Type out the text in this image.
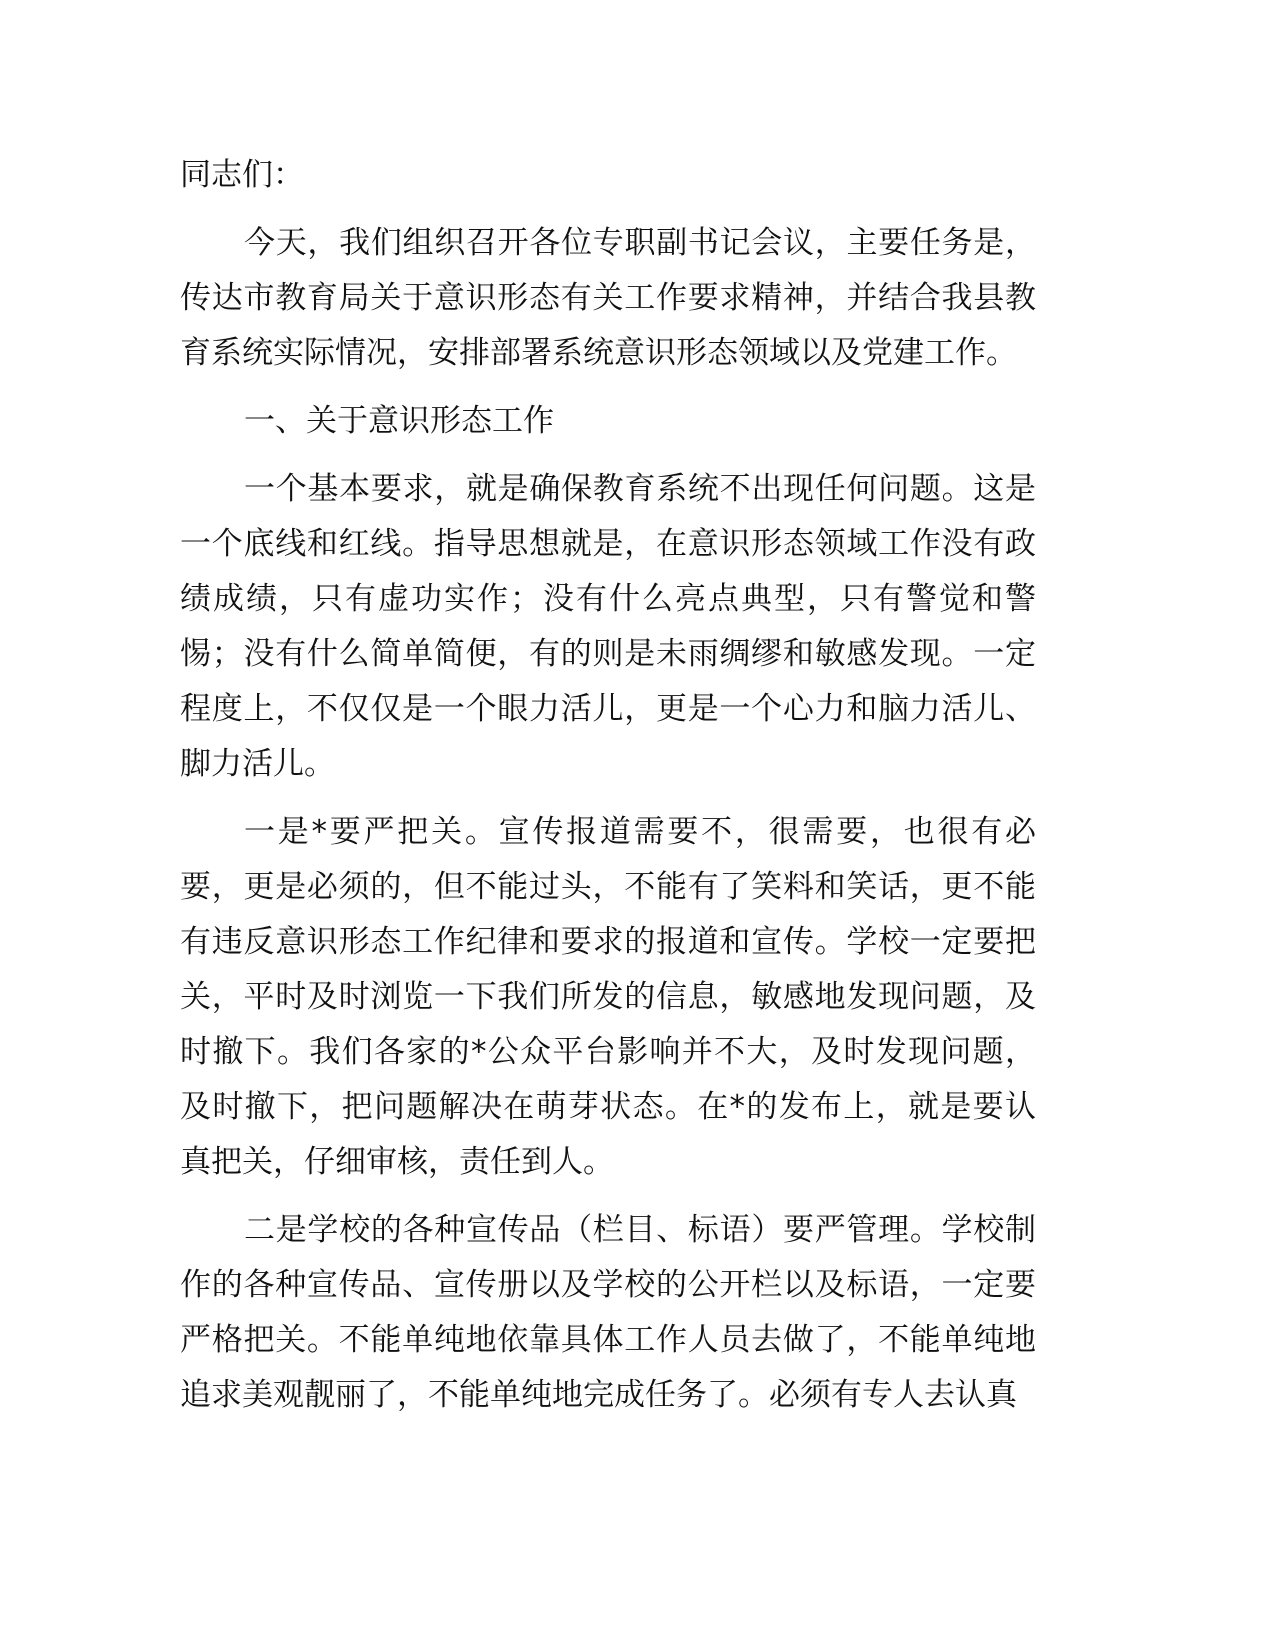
同志们：
今天，我们组织召开各位专职副书记会议，主要任务是，
传达市教育局关于意识形态有关工作要求精神，并结合我县教
育系统实际情况，安排部署系统意识形态领域以及党建工作。
一、关于意识形态工作
一个基本要求，就是确保教育系统不出现任何问题。这是
一个底线和红线。指导思想就是，在意识形态领域工作没有政
绩成绩，只有虚功实作；没有什么亮点典型，只有警觉和警
惕；没有什么简单简便，有的则是未雨绸缪和敏感发现。一定
程度上，不仅仅是一个眼力活儿，更是一个心力和脑力活儿、
脚力活儿。
一是*要严把关。宣传报道需要不，很需要，也很有必
要，更是必须的，但不能过头，不能有了笑料和笑话，更不能
有违反意识形态工作纪律和要求的报道和宣传。学校一定要把
关，平时及时浏览一下我们所发的信息，敏感地发现问题，及
时撤下。我们各家的*公众平台影响并不大，及时发现问题，
及时撤下，把问题解决在萌芽状态。在*的发布上，就是要认
真把关，仔细审核，责任到人。
二是学校的各种宣传品（栏目、标语）要严管理。学校制
作的各种宣传品、宣传册以及学校的公开栏以及标语，一定要
严格把关。不能单纯地依靠具体工作人员去做了，不能单纯地
追求美观靓丽了，不能单纯地完成任务了。必须有专人去认真
